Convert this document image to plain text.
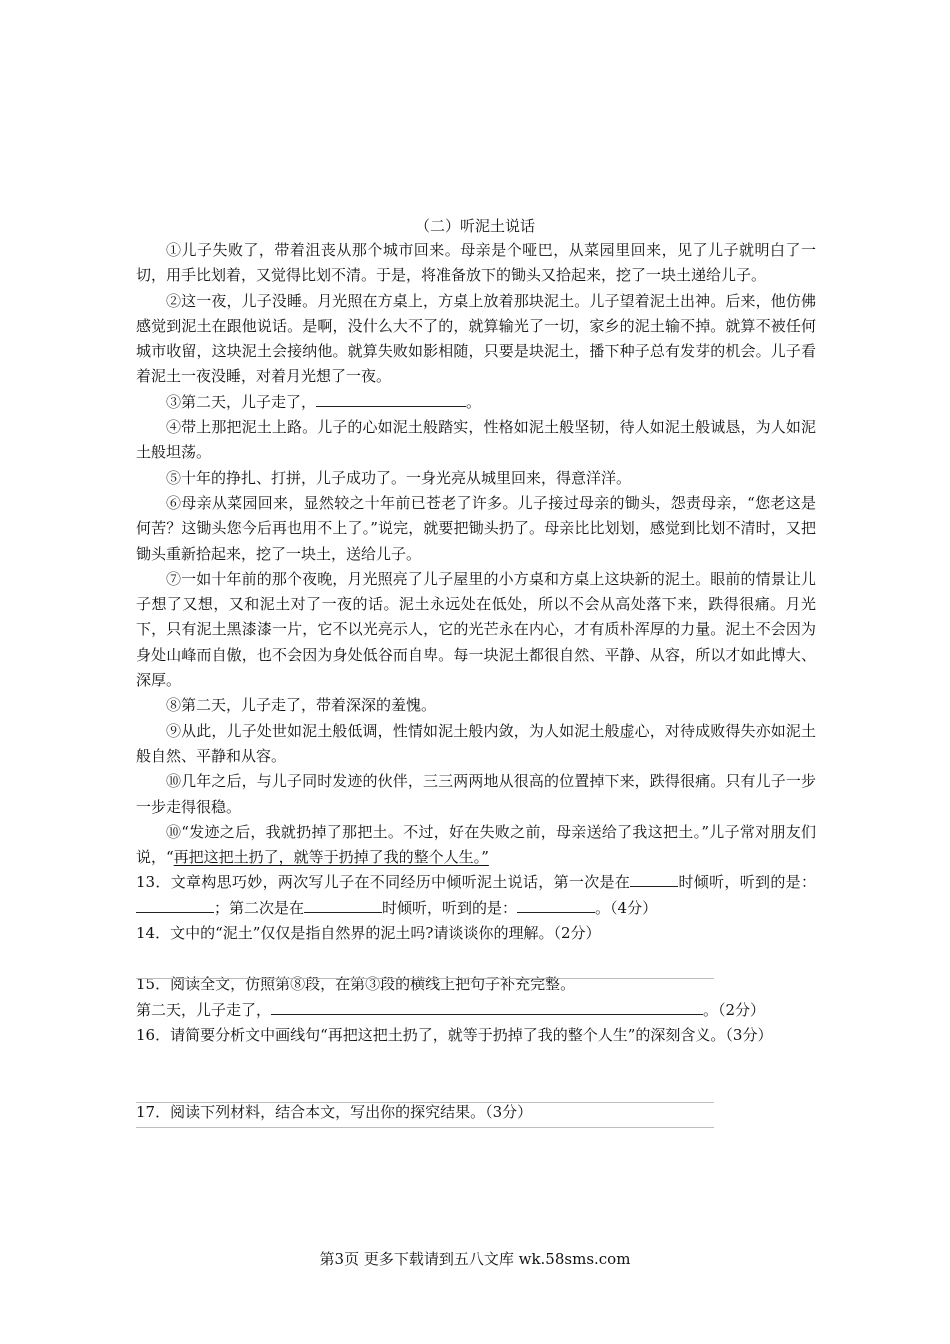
（二）听泥土说话

①儿子失败了，带着沮丧从那个城市回来。母亲是个哑巴，从菜园里回来，见了儿子就明白了一切，用手比划着，又觉得比划不清。于是，将准备放下的锄头又拾起来，挖了一块土递给儿子。

②这一夜，儿子没睡。月光照在方桌上，方桌上放着那块泥土。儿子望着泥土出神。后来，他仿佛感觉到泥土在跟他说话。是啊，没什么大不了的，就算输光了一切，家乡的泥土输不掉。就算不被任何城市收留，这块泥土会接纳他。就算失败如影相随，只要是块泥土，播下种子总有发芽的机会。儿子看着泥土一夜没睡，对着月光想了一夜。

③第二天，儿子走了，	。

④带上那把泥土上路。儿子的心如泥土般踏实，性格如泥土般坚韧，待人如泥土般诚恳，为人如泥土般坦荡。

⑤十年的挣扎、打拼，儿子成功了。一身光亮从城里回来，得意洋洋。

⑥母亲从菜园回来，显然较之十年前已苍老了许多。儿子接过母亲的锄头，怨责母亲，“您老这是何苦？这锄头您今后再也用不上了。”说完，就要把锄头扔了。母亲比比划划，感觉到比划不清时，又把锄头重新拾起来，挖了一块土，送给儿子。

⑦一如十年前的那个夜晚，月光照亮了儿子屋里的小方桌和方桌上这块新的泥土。眼前的情景让儿子想了又想，又和泥土对了一夜的话。泥土永远处在低处，所以不会从高处落下来，跌得很痛。月光下，只有泥土黑漆漆一片，它不以光亮示人，它的光芒永在内心，才有质朴浑厚的力量。泥土不会因为身处山峰而自傲，也不会因为身处低谷而自卑。每一块泥土都很自然、平静、从容，所以才如此博大、深厚。

⑧第二天，儿子走了，带着深深的羞愧。

⑨从此，儿子处世如泥土般低调，性情如泥土般内敛，为人如泥土般虚心，对待成败得失亦如泥土般自然、平静和从容。

⑩几年之后，与儿子同时发迹的伙伴，三三两两地从很高的位置掉下来，跌得很痛。只有儿子一步一步走得很稳。

⑩“发迹之后，我就扔掉了那把土。不过，好在失败之前，母亲送给了我这把土。”儿子常对朋友们说，“再把这把土扔了，就等于扔掉了我的整个人生。”

13．文章构思巧妙，两次写儿子在不同经历中倾听泥土说话，第一次是在	时倾听，听到的是：；第二次是在	时倾听，听到的是：	。（4分）

14．文中的“泥土”仅仅是指自然界的泥土吗?请谈谈你的理解。（2分）

15．阅读全文，仿照第⑧段，在第③段的横线上把句子补充完整。

第二天，儿子走了，	。（2分）

16．请简要分析文中画线句“再把这把土扔了，就等于扔掉了我的整个人生”的深刻含义。（3分）

17．阅读下列材料，结合本文，写出你的探究结果。（3分）

第3页 更多下载请到五八文库 wk.58sms.com
